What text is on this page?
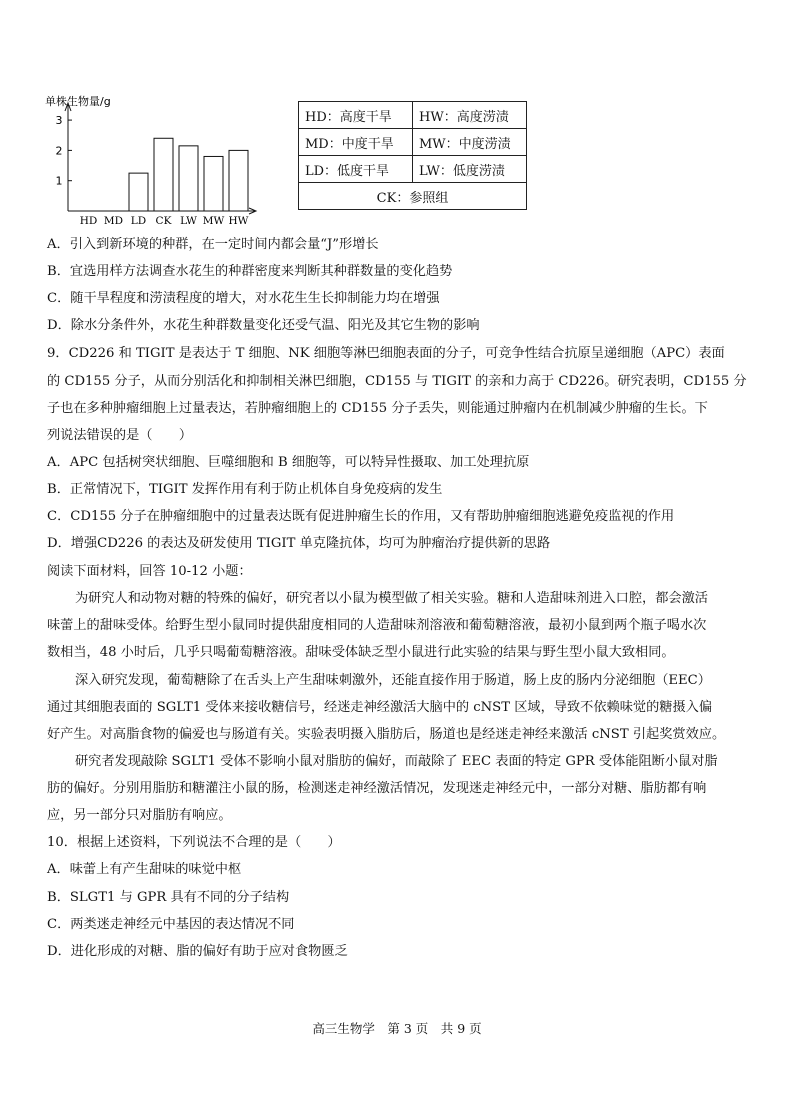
单株生物量/g
1
2
3
HD MD LD CK LW MW HW
HD：高度干旱	HW：高度涝渍
MD：中度干旱	MW：中度涝渍
LD：低度干旱	LW：低度涝渍
CK：参照组	
A．引入到新环境的种群，在一定时间内都会量“J”形增长
B．宜选用样方法调查水花生的种群密度来判断其种群数量的变化趋势
C．随干旱程度和涝渍程度的增大，对水花生生长抑制能力均在增强
D．除水分条件外，水花生种群数量变化还受气温、阳光及其它生物的影响
9．CD226 和 TIGIT 是表达于 T 细胞、NK 细胞等淋巴细胞表面的分子，可竞争性结合抗原呈递细胞（APC）表面
的 CD155 分子，从而分别活化和抑制相关淋巴细胞，CD155 与 TIGIT 的亲和力高于 CD226。研究表明，CD155 分
子也在多种肿瘤细胞上过量表达，若肿瘤细胞上的 CD155 分子丢失，则能通过肿瘤内在机制减少肿瘤的生长。下
列说法错误的是（　　）
A．APC 包括树突状细胞、巨噬细胞和 B 细胞等，可以特异性摄取、加工处理抗原
B．正常情况下，TIGIT 发挥作用有利于防止机体自身免疫病的发生
C．CD155 分子在肿瘤细胞中的过量表达既有促进肿瘤生长的作用，又有帮助肿瘤细胞逃避免疫监视的作用
D．增强CD226 的表达及研发使用 TIGIT 单克隆抗体，均可为肿瘤治疗提供新的思路
阅读下面材料，回答 10-12 小题：
为研究人和动物对糖的特殊的偏好，研究者以小鼠为模型做了相关实验。糖和人造甜味剂进入口腔，都会激活
味蕾上的甜味受体。给野生型小鼠同时提供甜度相同的人造甜味剂溶液和葡萄糖溶液，最初小鼠到两个瓶子喝水次
数相当，48 小时后，几乎只喝葡萄糖溶液。甜味受体缺乏型小鼠进行此实验的结果与野生型小鼠大致相同。
深入研究发现，葡萄糖除了在舌头上产生甜味刺激外，还能直接作用于肠道，肠上皮的肠内分泌细胞（EEC）
通过其细胞表面的 SGLT1 受体来接收糖信号，经迷走神经激活大脑中的 cNST 区域，导致不依赖味觉的糖摄入偏
好产生。对高脂食物的偏爱也与肠道有关。实验表明摄入脂肪后，肠道也是经迷走神经来激活 cNST 引起奖赏效应。
研究者发现敲除 SGLT1 受体不影响小鼠对脂肪的偏好，而敲除了 EEC 表面的特定 GPR 受体能阻断小鼠对脂
肪的偏好。分别用脂肪和糖灌注小鼠的肠，检测迷走神经激活情况，发现迷走神经元中，一部分对糖、脂肪都有响
应，另一部分只对脂肪有响应。
10．根据上述资料，下列说法不合理的是（　　）
A．味蕾上有产生甜味的味觉中枢
B．SLGT1 与 GPR 具有不同的分子结构
C．两类迷走神经元中基因的表达情况不同
D．进化形成的对糖、脂的偏好有助于应对食物匮乏
高三生物学　第 3 页　共 9 页
